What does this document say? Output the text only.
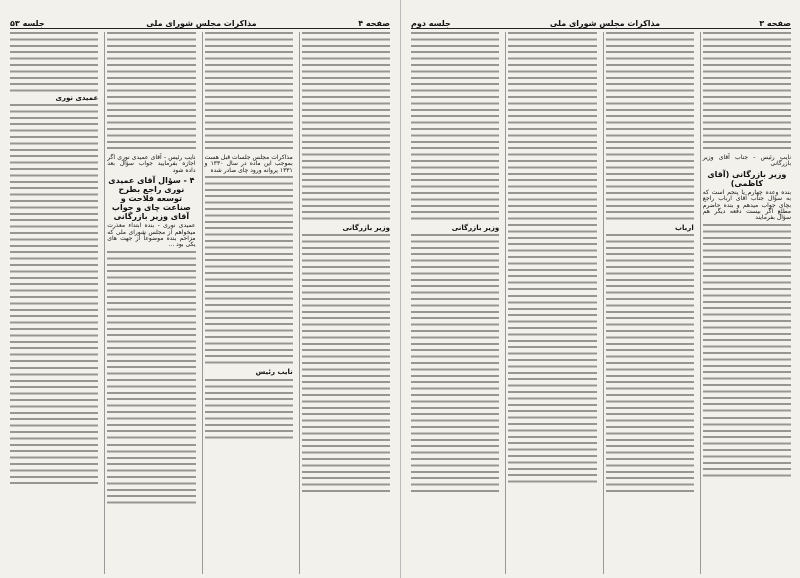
صفحه ۴
مذاکرات مجلس شورای ملی
جلسه ۵۳

وزیر بازرگانی

مذاکرات مجلس جلسات قبل هست بموجب این ماده در سال ۱۳۳۰ و ۱۳۳۱ پروانه ورود چای صادر شده

نایب رئیس

نایب رئیس - آقای عمیدی نوری اگر اجازه بفرمایید جواب سؤال بعد داده شود

۴ - سؤال آقای عمیدی نوری راجع بطرح توسعه فلاحت و صناعت چای و جواب آقای وزیر بازرگانی

عمیدی نوری - بنده ابتداء معذرت میخواهم از مجلس شورای ملی که مزاحم بنده موضوعاً از جهت های یکی بود ...

عمیدی نوری

صفحه ۳
مذاکرات مجلس شورای ملی
جلسه دوم

نایب رئیس - جناب آقای وزیر بازرگانی

وزیر بازرگانی (آقای کاظمی)

بنده وعده چهارم یا پنجم است که به سؤال جناب آقای ارباب راجع بچای جواب میدهم و بنده حاضرم مطلع اگر بیست دفعه دیگر هم سؤال بفرمایند

ارباب

وزیر بازرگانی
